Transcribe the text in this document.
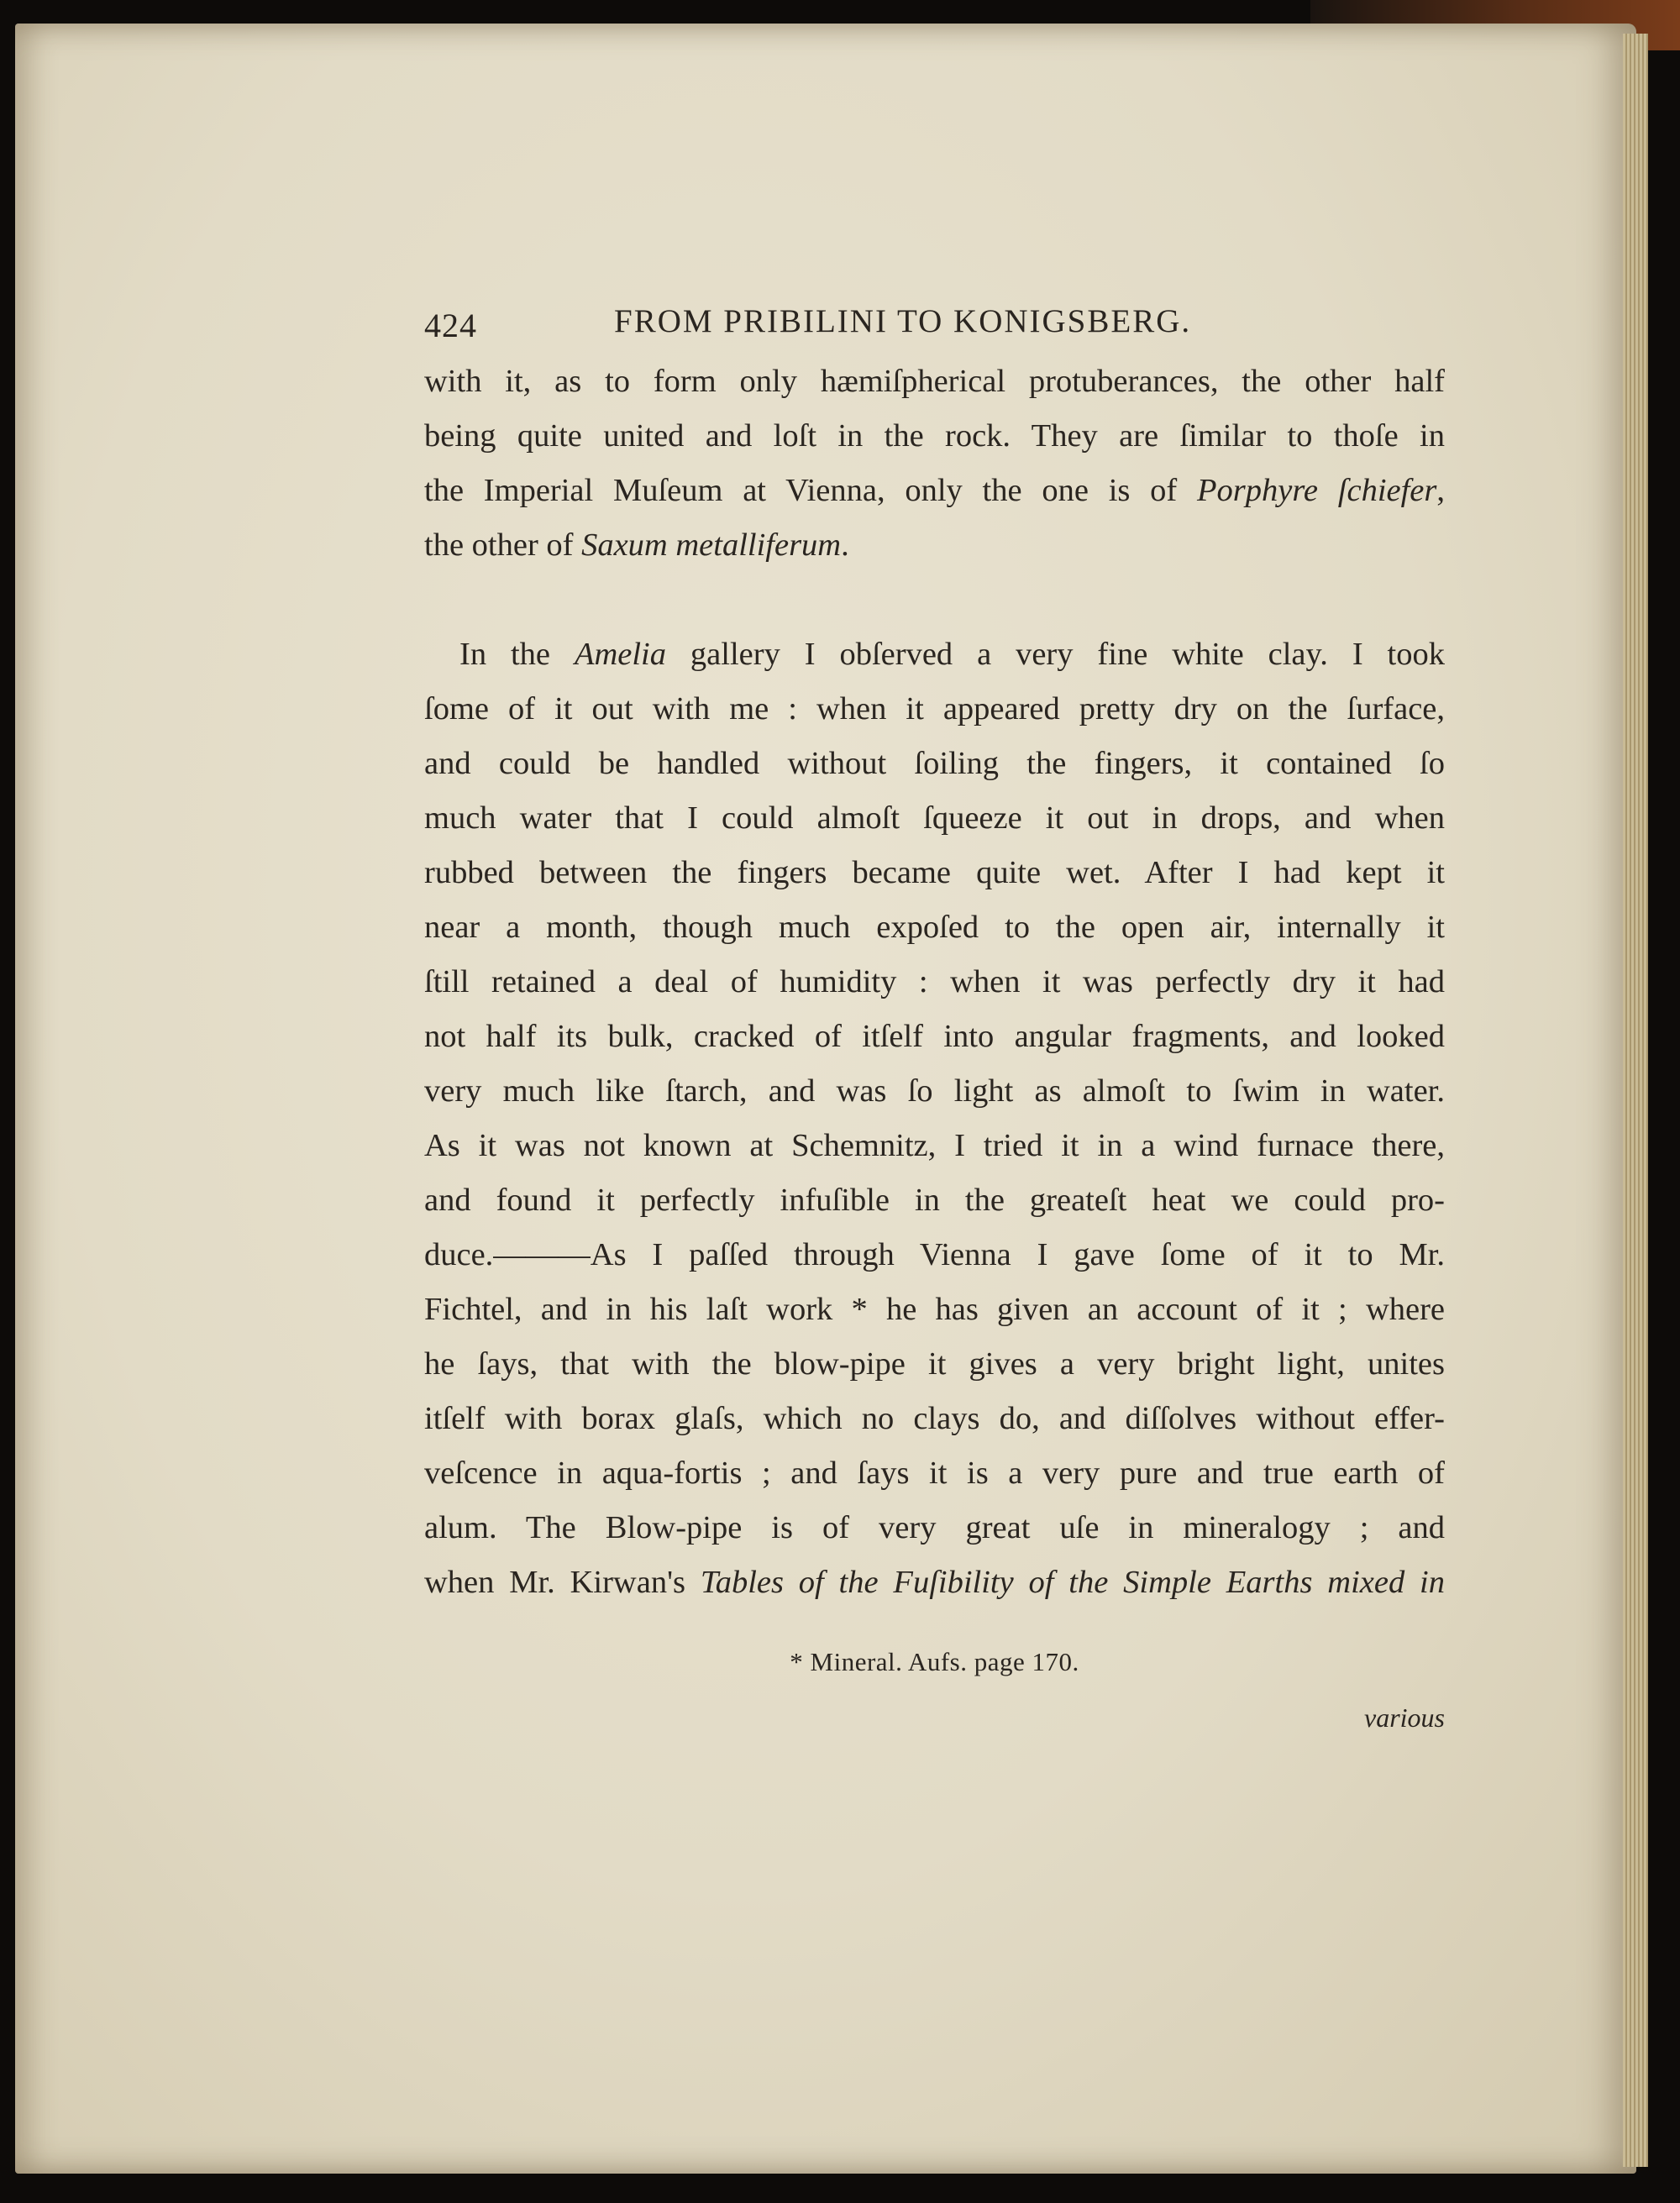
424	FROM PRIBILINI TO KONIGSBERG.
with it, as to form only hæmiſpherical protuberances, the other half
being quite united and loſt in the rock. They are ſimilar to thoſe in
the Imperial Muſeum at Vienna, only the one is of Porphyre ſchiefer,
the other of Saxum metalliferum.
In the Amelia gallery I obſerved a very fine white clay. I took
ſome of it out with me : when it appeared pretty dry on the ſurface,
and could be handled without ſoiling the fingers, it contained ſo
much water that I could almoſt ſqueeze it out in drops, and when
rubbed between the fingers became quite wet. After I had kept it
near a month, though much expoſed to the open air, internally it
ſtill retained a deal of humidity : when it was perfectly dry it had
not half its bulk, cracked of itſelf into angular fragments, and looked
very much like ſtarch, and was ſo light as almoſt to ſwim in water.
As it was not known at Schemnitz, I tried it in a wind furnace there,
and found it perfectly infuſible in the greateſt heat we could pro-
duce.———As I paſſed through Vienna I gave ſome of it to Mr.
Fichtel, and in his laſt work * he has given an account of it ; where
he ſays, that with the blow-pipe it gives a very bright light, unites
itſelf with borax glaſs, which no clays do, and diſſolves without effer-
veſcence in aqua-fortis ; and ſays it is a very pure and true earth of
alum. The Blow-pipe is of very great uſe in mineralogy ; and
when Mr. Kirwan's Tables of the Fuſibility of the Simple Earths mixed in
* Mineral. Aufs. page 170.
various
